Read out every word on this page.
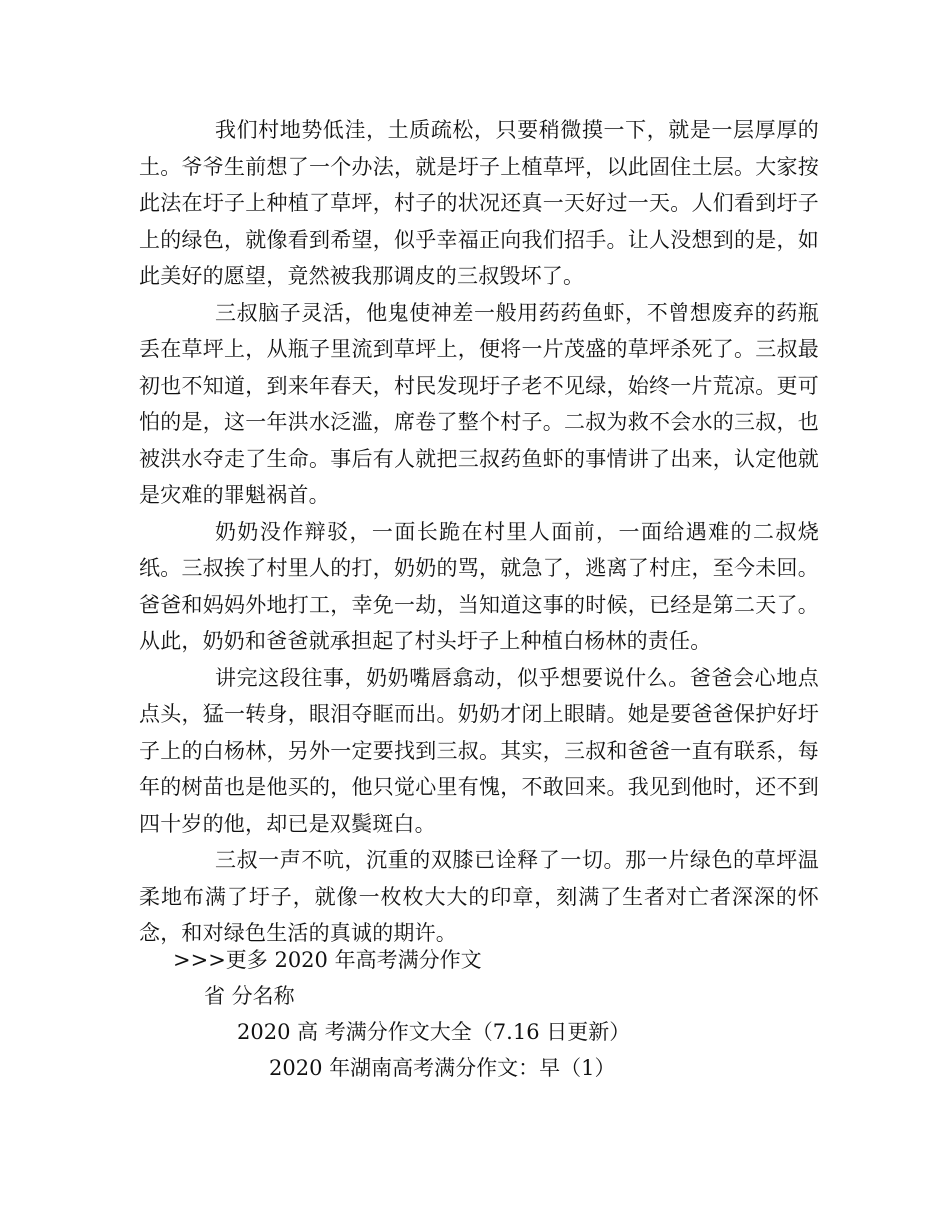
我们村地势低洼，土质疏松，只要稍微摸一下，就是一层厚厚的土。爷爷生前想了一个办法，就是圩子上植草坪，以此固住土层。大家按此法在圩子上种植了草坪，村子的状况还真一天好过一天。人们看到圩子上的绿色，就像看到希望，似乎幸福正向我们招手。让人没想到的是，如此美好的愿望，竟然被我那调皮的三叔毁坏了。

三叔脑子灵活，他鬼使神差一般用药药鱼虾，不曾想废弃的药瓶丢在草坪上，从瓶子里流到草坪上，便将一片茂盛的草坪杀死了。三叔最初也不知道，到来年春天，村民发现圩子老不见绿，始终一片荒凉。更可怕的是，这一年洪水泛滥，席卷了整个村子。二叔为救不会水的三叔，也被洪水夺走了生命。事后有人就把三叔药鱼虾的事情讲了出来，认定他就是灾难的罪魁祸首。

奶奶没作辩驳，一面长跪在村里人面前，一面给遇难的二叔烧纸。三叔挨了村里人的打，奶奶的骂，就急了，逃离了村庄，至今未回。爸爸和妈妈外地打工，幸免一劫，当知道这事的时候，已经是第二天了。从此，奶奶和爸爸就承担起了村头圩子上种植白杨林的责任。

讲完这段往事，奶奶嘴唇翕动，似乎想要说什么。爸爸会心地点点头，猛一转身，眼泪夺眶而出。奶奶才闭上眼睛。她是要爸爸保护好圩子上的白杨林，另外一定要找到三叔。其实，三叔和爸爸一直有联系，每年的树苗也是他买的，他只觉心里有愧，不敢回来。我见到他时，还不到四十岁的他，却已是双鬓斑白。

三叔一声不吭，沉重的双膝已诠释了一切。那一片绿色的草坪温柔地布满了圩子，就像一枚枚大大的印章，刻满了生者对亡者深深的怀念，和对绿色生活的真诚的期许。

>>>更多 2020 年高考满分作文
省 分名称
2020 高 考满分作文大全（7.16 日更新）
2020 年湖南高考满分作文：早（1）
